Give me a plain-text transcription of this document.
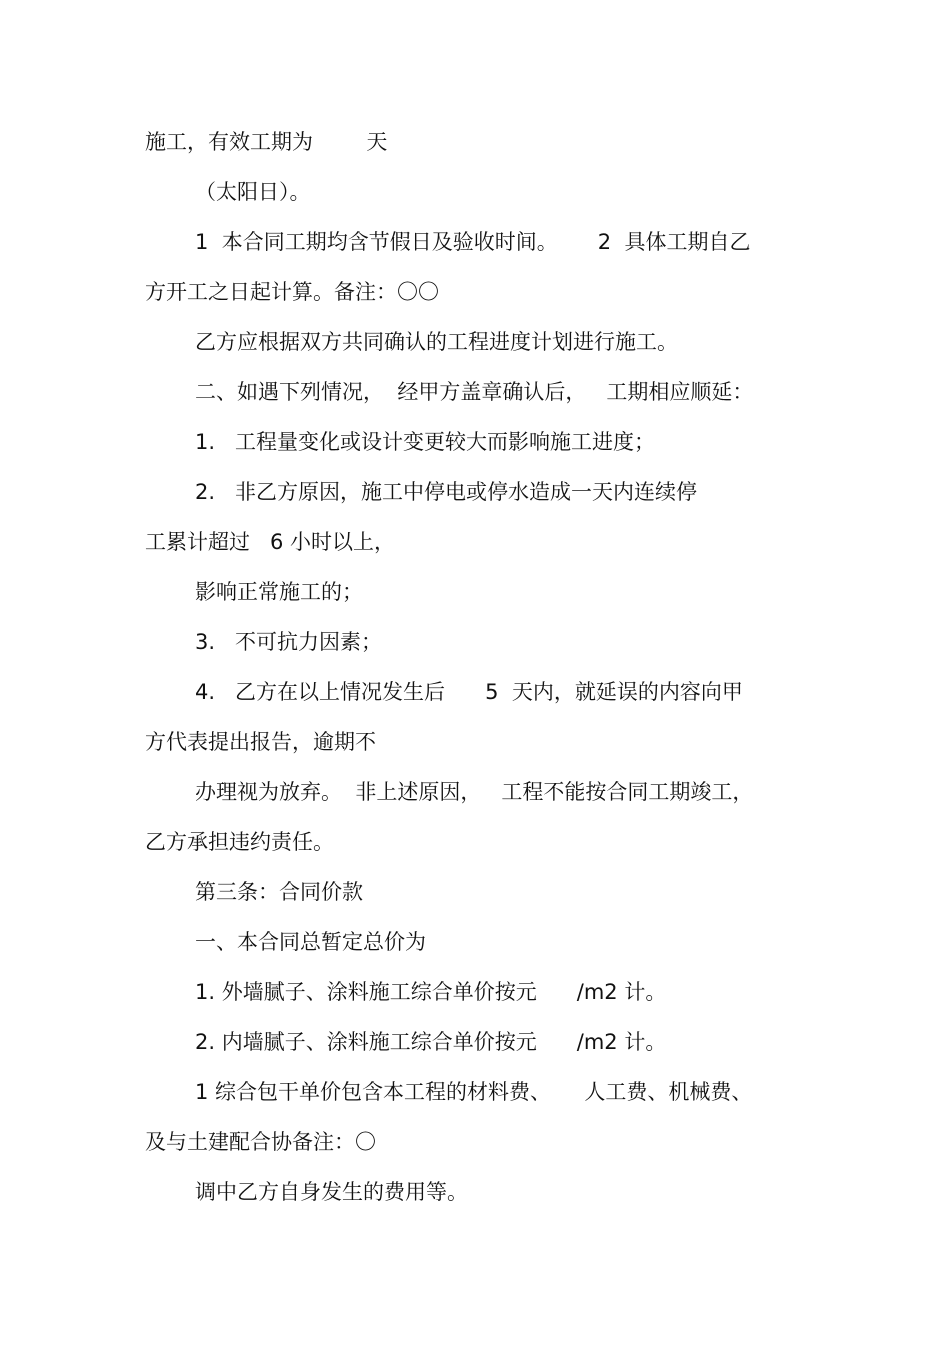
施工，有效工期为        天
（太阳日）。
1  本合同工期均含节假日及验收时间。      2  具体工期自乙
方开工之日起计算。备注：〇〇
乙方应根据双方共同确认的工程进度计划进行施工。
二、如遇下列情况，  经甲方盖章确认后，   工期相应顺延：
1.   工程量变化或设计变更较大而影响施工进度；
2.   非乙方原因，施工中停电或停水造成一天内连续停
工累计超过   6 小时以上，
影响正常施工的；
3.   不可抗力因素；
4.   乙方在以上情况发生后      5  天内，就延误的内容向甲
方代表提出报告，逾期不
办理视为放弃。  非上述原因，   工程不能按合同工期竣工，
乙方承担违约责任。
第三条：合同价款
一、本合同总暂定总价为
1. 外墙腻子、涂料施工综合单价按元      /m2 计。
2. 内墙腻子、涂料施工综合单价按元      /m2 计。
1 综合包干单价包含本工程的材料费、     人工费、机械费、
及与土建配合协备注：〇
调中乙方自身发生的费用等。
